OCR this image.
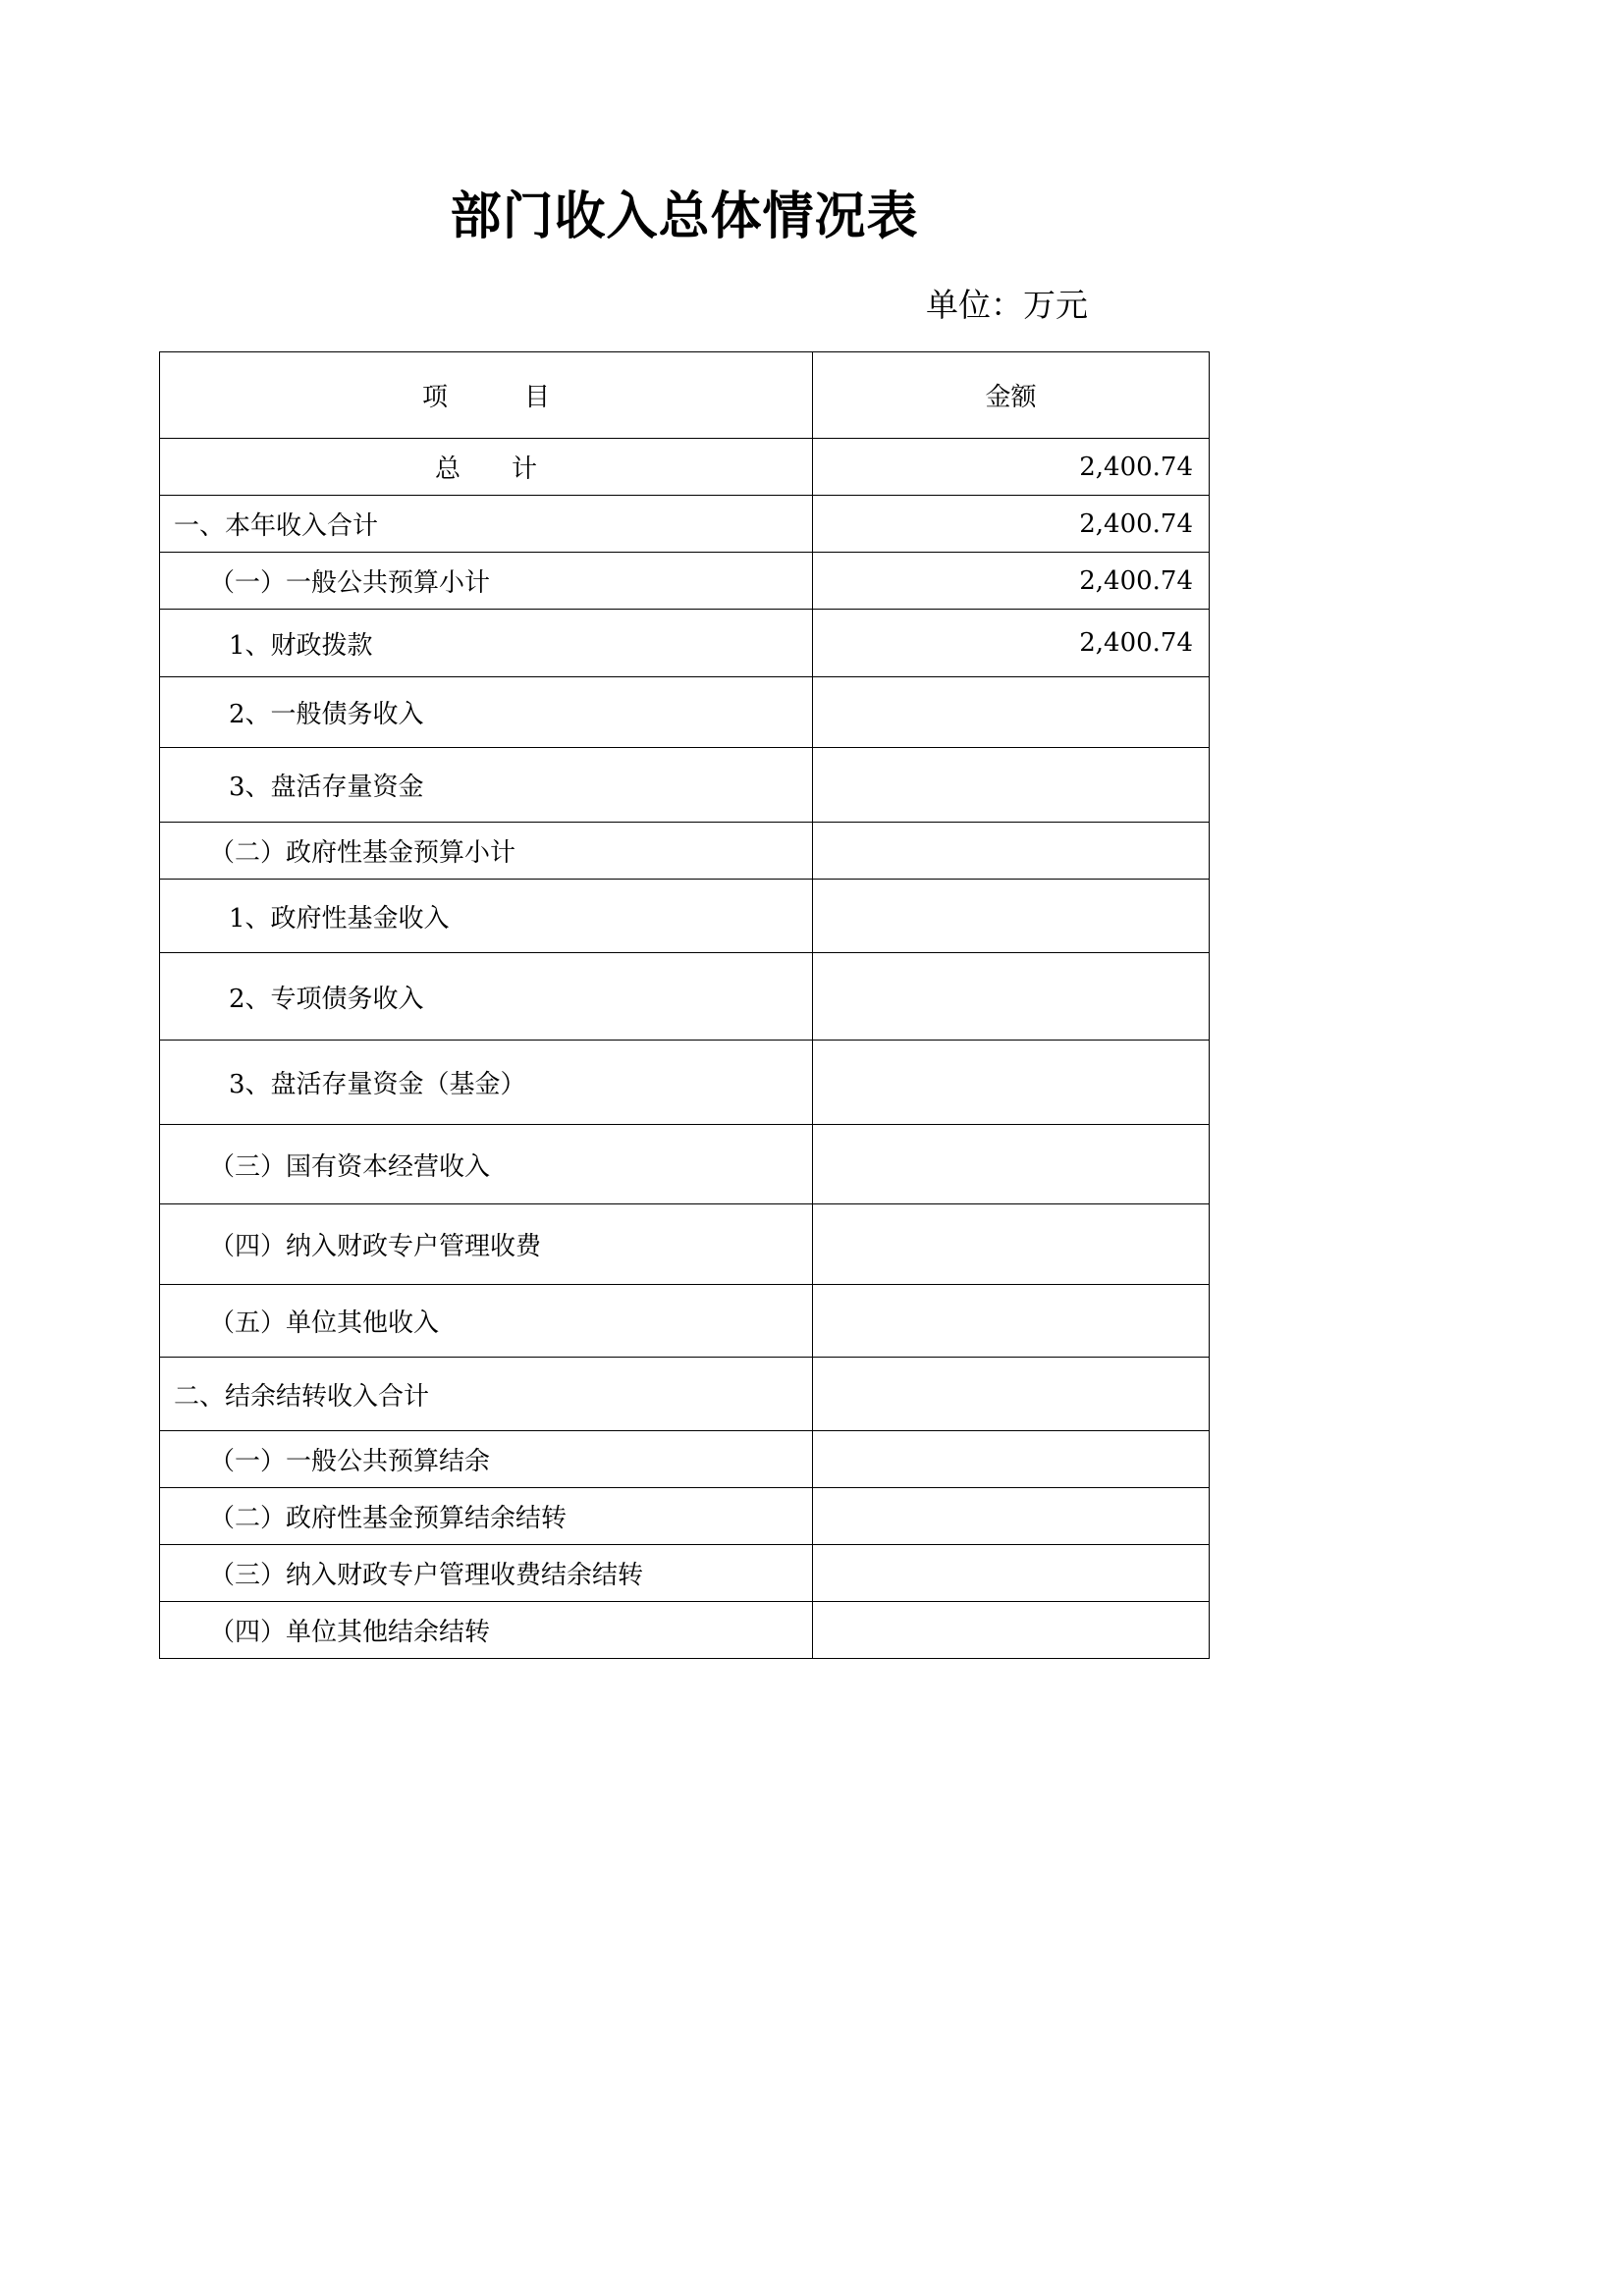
部门收入总体情况表
单位：万元
项　　　目	金额
总　　计	2,400.74
一、本年收入合计	2,400.74
（一）一般公共预算小计	2,400.74
1、财政拨款	2,400.74
2、一般债务收入	
3、盘活存量资金	
（二）政府性基金预算小计	
1、政府性基金收入	
2、专项债务收入	
3、盘活存量资金（基金）	
（三）国有资本经营收入	
（四）纳入财政专户管理收费	
（五）单位其他收入	
二、结余结转收入合计	
（一）一般公共预算结余	
（二）政府性基金预算结余结转	
（三）纳入财政专户管理收费结余结转	
（四）单位其他结余结转	
